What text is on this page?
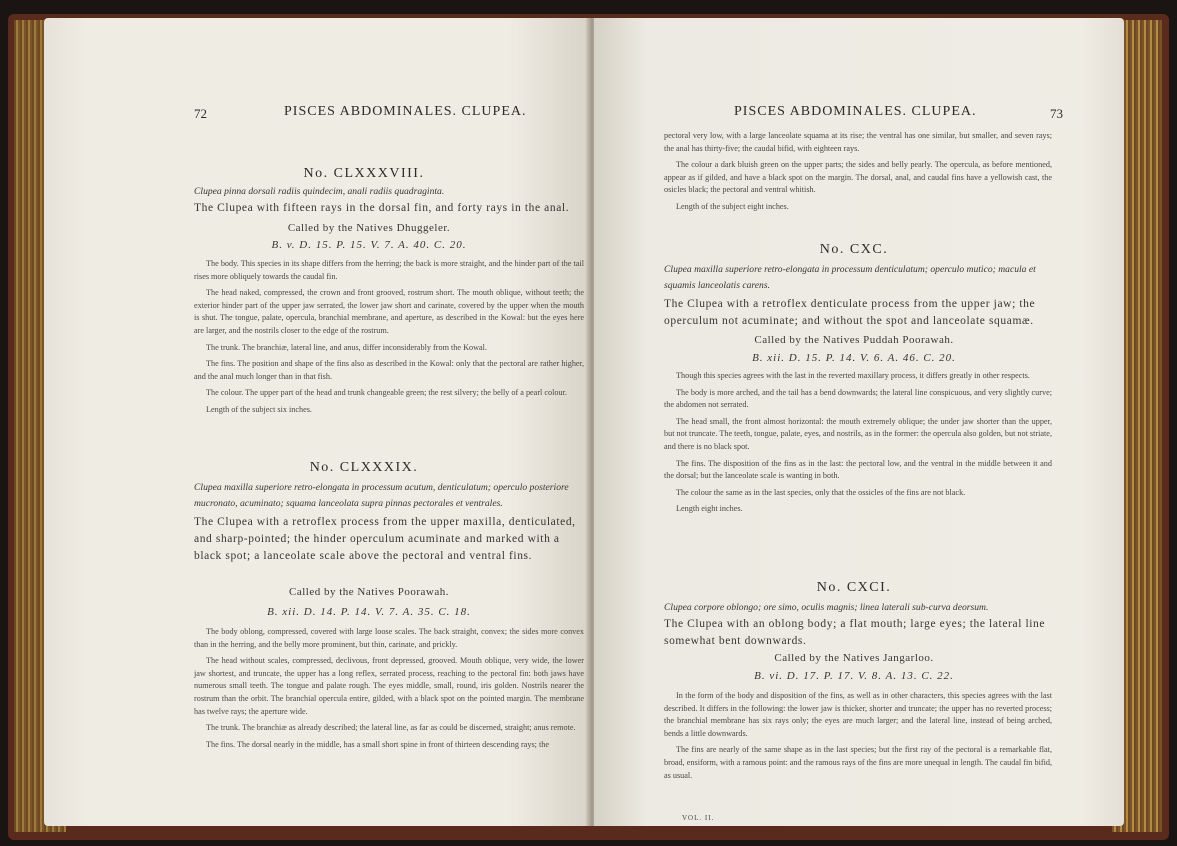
72	PISCES ABDOMINALES. CLUPEA.
No. CLXXXVIII.
Clupea pinna dorsali radiis quindecim, anali radiis quadraginta.
The Clupea with fifteen rays in the dorsal fin, and forty rays in the anal.
Called by the Natives Dhuggeler.
B. v. D. 15. P. 15. V. 7. A. 40. C. 20.

The body. This species in its shape differs from the herring; the back is more straight, and the hinder part of the tail rises more obliquely towards the caudal fin.

The head naked, compressed, the crown and front grooved, rostrum short. The mouth oblique, without teeth; the exterior hinder part of the upper jaw serrated, the lower jaw short and carinate, covered by the upper when the mouth is shut. The tongue, palate, opercula, branchial membrane, and aperture, as described in the Kowal: but the eyes here are larger, and the nostrils closer to the edge of the rostrum.

The trunk. The branchiæ, lateral line, and anus, differ inconsiderably from the Kowal.

The fins. The position and shape of the fins also as described in the Kowal: only that the pectoral are rather higher, and the anal much longer than in that fish.

The colour. The upper part of the head and trunk changeable green; the rest silvery; the belly of a pearl colour.

Length of the subject six inches.

No. CLXXXIX.
Clupea maxilla superiore retro-elongata in processum acutum, denticulatum; operculo posteriore mucronato, acuminato; squama lanceolata supra pinnas pectorales et ventrales.
The Clupea with a retroflex process from the upper maxilla, denticulated, and sharp-pointed; the hinder operculum acuminate and marked with a black spot; a lanceolate scale above the pectoral and ventral fins.
Called by the Natives Poorawah.
B. xii. D. 14. P. 14. V. 7. A. 35. C. 18.

The body oblong, compressed, covered with large loose scales. The back straight, convex; the sides more convex than in the herring, and the belly more prominent, but thin, carinate, and prickly.

The head without scales, compressed, declivous, front depressed, grooved. Mouth oblique, very wide, the lower jaw shortest, and truncate, the upper has a long reflex, serrated process, reaching to the pectoral fin: both jaws have numerous small teeth. The tongue and palate rough. The eyes middle, small, round, iris golden. Nostrils nearer the rostrum than the orbit. The branchial opercula entire, gilded, with a black spot on the pointed margin. The membrane has twelve rays; the aperture wide.

The trunk. The branchiæ as already described; the lateral line, as far as could be discerned, straight; anus remote.

The fins. The dorsal nearly in the middle, has a small short spine in front of thirteen descending rays; the

PISCES ABDOMINALES. CLUPEA.	73

pectoral very low, with a large lanceolate squama at its rise; the ventral has one similar, but smaller, and seven rays; the anal has thirty-five; the caudal bifid, with eighteen rays.

The colour a dark bluish green on the upper parts; the sides and belly pearly. The opercula, as before mentioned, appear as if gilded, and have a black spot on the margin. The dorsal, anal, and caudal fins have a yellowish cast, the osicles black; the pectoral and ventral whitish.

Length of the subject eight inches.

No. CXC.
Clupea maxilla superiore retro-elongata in processum denticulatum; operculo mutico; macula et squamis lanceolatis carens.
The Clupea with a retroflex denticulate process from the upper jaw; the operculum not acuminate; and without the spot and lanceolate squamæ.
Called by the Natives Puddah Poorawah.
B. xii. D. 15. P. 14. V. 6. A. 46. C. 20.

Though this species agrees with the last in the reverted maxillary process, it differs greatly in other respects.

The body is more arched, and the tail has a bend downwards; the lateral line conspicuous, and very slightly curve; the abdomen not serrated.

The head small, the front almost horizontal: the mouth extremely oblique; the under jaw shorter than the upper, but not truncate. The teeth, tongue, palate, eyes, and nostrils, as in the former: the opercula also golden, but not striate, and there is no black spot.

The fins. The disposition of the fins as in the last: the pectoral low, and the ventral in the middle between it and the dorsal; but the lanceolate scale is wanting in both.

The colour the same as in the last species, only that the ossicles of the fins are not black.

Length eight inches.

No. CXCI.
Clupea corpore oblongo; ore simo, oculis magnis; linea laterali sub-curva deorsum.
The Clupea with an oblong body; a flat mouth; large eyes; the lateral line somewhat bent downwards.
Called by the Natives Jangarloo.
B. vi. D. 17. P. 17. V. 8. A. 13. C. 22.

In the form of the body and disposition of the fins, as well as in other characters, this species agrees with the last described. It differs in the following: the lower jaw is thicker, shorter and truncate; the upper has no reverted process; the branchial membrane has six rays only; the eyes are much larger; and the lateral line, instead of being arched, bends a little downwards.

The fins are nearly of the same shape as in the last species; but the first ray of the pectoral is a remarkable flat, broad, ensiform, with a ramous point: and the ramous rays of the fins are more unequal in length. The caudal fin bifid, as usual.

VOL. II.
